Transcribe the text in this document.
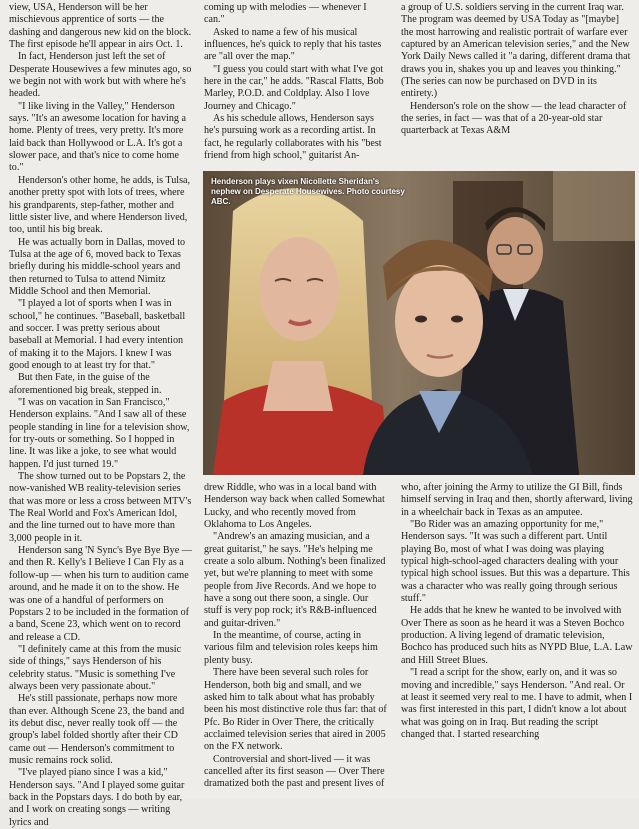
view, USA, Henderson will be her mischievous apprentice of sorts — the dashing and dangerous new kid on the block. The first episode he'll appear in airs Oct. 1.

In fact, Henderson just left the set of Desperate Housewives a few minutes ago, so we begin not with work but with where he's headed.

"I like living in the Valley," Henderson says. "It's an awesome location for having a home. Plenty of trees, very pretty. It's more laid back than Hollywood or L.A. It's got a slower pace, and that's nice to come home to."

Henderson's other home, he adds, is Tulsa, another pretty spot with lots of trees, where his grandparents, step-father, mother and little sister live, and where Henderson lived, too, until his big break.

He was actually born in Dallas, moved to Tulsa at the age of 6, moved back to Texas briefly during his middle-school years and then returned to Tulsa to attend Nimitz Middle School and then Memorial.

"I played a lot of sports when I was in school," he continues. "Baseball, basketball and soccer. I was pretty serious about baseball at Memorial. I had every intention of making it to the Majors. I knew I was good enough to at least try for that."

But then Fate, in the guise of the aforementioned big break, stepped in.

"I was on vacation in San Francisco," Henderson explains. "And I saw all of these people standing in line for a television show, for try-outs or something. So I hopped in line. It was like a joke, to see what would happen. I'd just turned 19."

The show turned out to be Popstars 2, the now-vanished WB reality-television series that was more or less a cross between MTV's The Real World and Fox's American Idol, and the line turned out to have more than 3,000 people in it.

Henderson sang 'N Sync's Bye Bye Bye — and then R. Kelly's I Believe I Can Fly as a follow-up — when his turn to audition came around, and he made it on to the show. He was one of a handful of performers on Popstars 2 to be included in the formation of a band, Scene 23, which went on to record and release a CD.

"I definitely came at this from the music side of things," says Henderson of his celebrity status. "Music is something I've always been very passionate about."

He's still passionate, perhaps now more than ever. Although Scene 23, the band and its debut disc, never really took off — the group's label folded shortly after their CD came out — Henderson's commitment to music remains rock solid.

"I've played piano since I was a kid," Henderson says. "And I played some guitar back in the Popstars days. I do both by ear, and I work on creating songs — writing lyrics and

coming up with melodies — whenever I can."

Asked to name a few of his musical influences, he's quick to reply that his tastes are "all over the map."

"I guess you could start with what I've got here in the car," he adds. "Rascal Flatts, Bob Marley, P.O.D. and Coldplay. Also I love Journey and Chicago."

As his schedule allows, Henderson says he's pursuing work as a recording artist. In fact, he regularly collaborates with his "best friend from high school," guitarist An-

a group of U.S. soldiers serving in the current Iraq war. The program was deemed by USA Today as "[maybe] the most harrowing and realistic portrait of warfare ever captured by an American television series," and the New York Daily News called it "a daring, different drama that draws you in, shakes you up and leaves you thinking." (The series can now be purchased on DVD in its entirety.)

Henderson's role on the show — the lead character of the series, in fact — was that of a 20-year-old star quarterback at Texas A&M

Henderson plays vixen Nicollette Sheridan's nephew on Desperate Housewives. Photo courtesy ABC.

drew Riddle, who was in a local band with Henderson way back when called Somewhat Lucky, and who recently moved from Oklahoma to Los Angeles.

"Andrew's an amazing musician, and a great guitarist," he says. "He's helping me create a solo album. Nothing's been finalized yet, but we're planning to meet with some people from Jive Records. And we hope to have a song out there soon, a single. Our stuff is very pop rock; it's R&B-influenced and guitar-driven."

In the meantime, of course, acting in various film and television roles keeps him plenty busy.

There have been several such roles for Henderson, both big and small, and we asked him to talk about what has probably been his most distinctive role thus far: that of Pfc. Bo Rider in Over There, the critically acclaimed television series that aired in 2005 on the FX network.

Controversial and short-lived — it was cancelled after its first season — Over There dramatized both the past and present lives of

who, after joining the Army to utilize the GI Bill, finds himself serving in Iraq and then, shortly afterward, living in a wheelchair back in Texas as an amputee.

"Bo Rider was an amazing opportunity for me," Henderson says. "It was such a different part. Until playing Bo, most of what I was doing was playing typical high-school-aged characters dealing with your typical high school issues. But this was a departure. This was a character who was really going through serious stuff."

He adds that he knew he wanted to be involved with Over There as soon as he heard it was a Steven Bochco production. A living legend of dramatic television, Bochco has produced such hits as NYPD Blue, L.A. Law and Hill Street Blues.

"I read a script for the show, early on, and it was so moving and incredible," says Henderson. "And real. Or at least it seemed very real to me. I have to admit, when I was first interested in this part, I didn't know a lot about what was going on in Iraq. But reading the script changed that. I started researching
